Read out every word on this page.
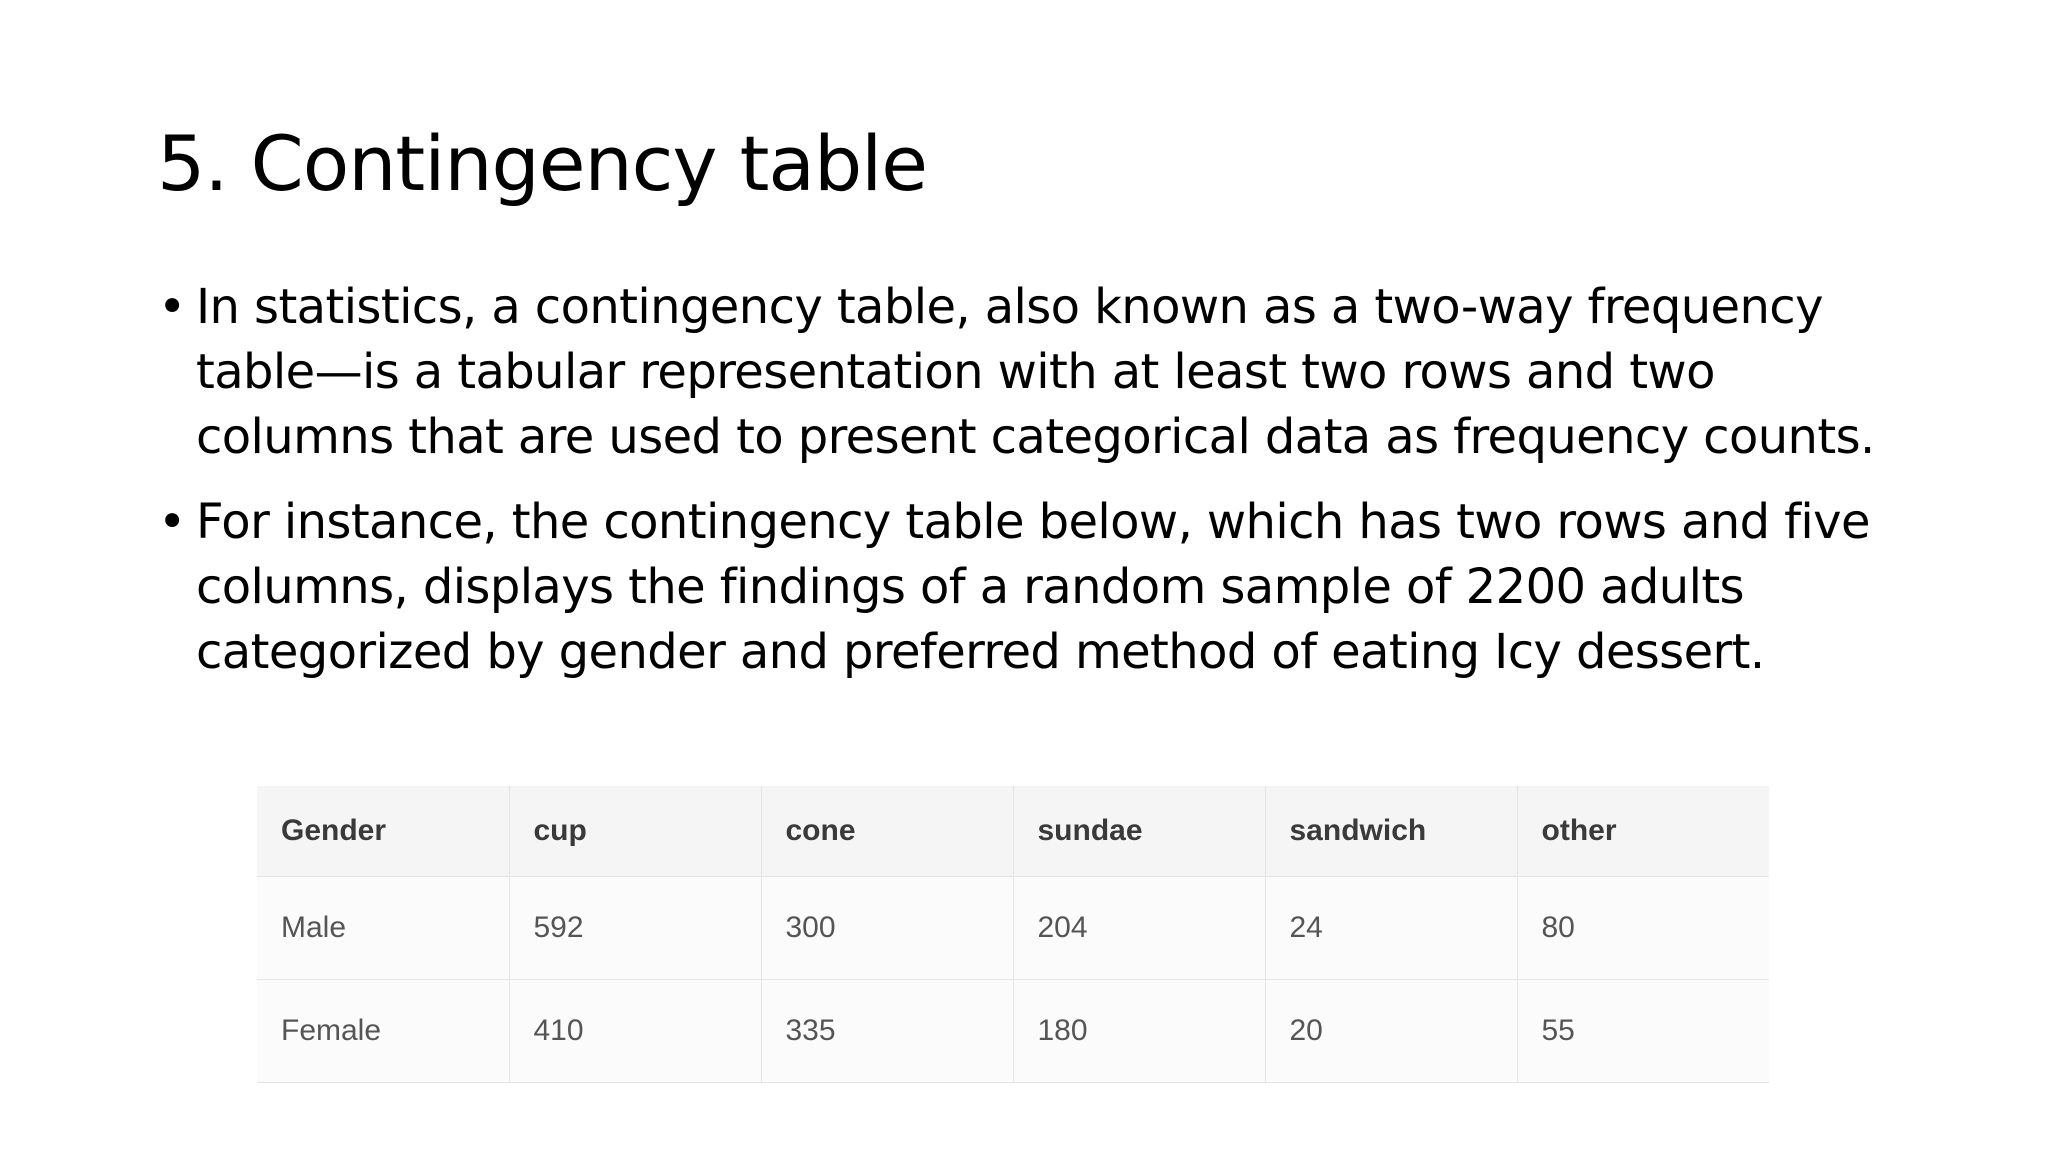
5. Contingency table
• In statistics, a contingency table, also known as a two-way frequency table—is a tabular representation with at least two rows and two columns that are used to present categorical data as frequency counts.
• For instance, the contingency table below, which has two rows and five columns, displays the findings of a random sample of 2200 adults categorized by gender and preferred method of eating Icy dessert.
Gender	cup	cone	sundae	sandwich	other
Male	592	300	204	24	80
Female	410	335	180	20	55
